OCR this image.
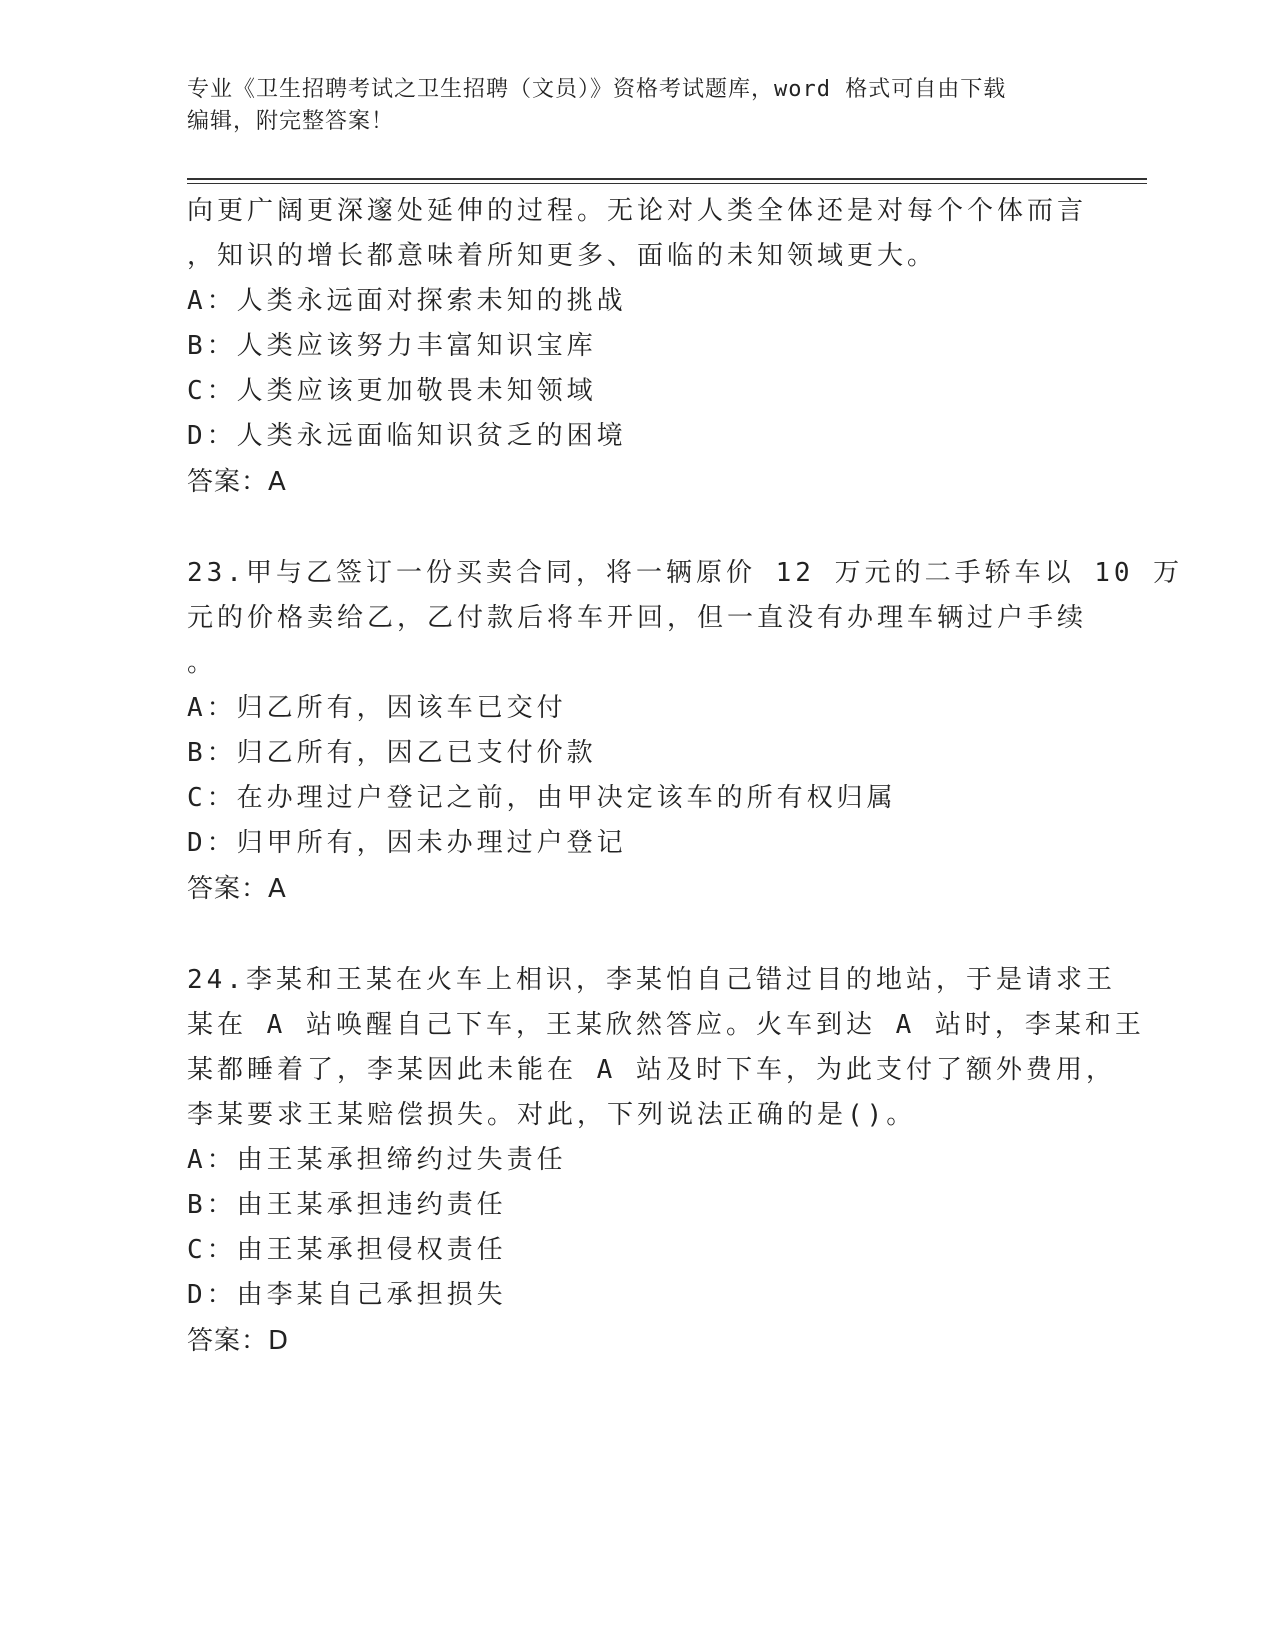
专业《卫生招聘考试之卫生招聘（文员）》资格考试题库，word 格式可自由下载
编辑，附完整答案！
向更广阔更深邃处延伸的过程。无论对人类全体还是对每个个体而言
，知识的增长都意味着所知更多、面临的未知领域更大。
A：人类永远面对探索未知的挑战
B：人类应该努力丰富知识宝库
C：人类应该更加敬畏未知领域
D：人类永远面临知识贫乏的困境
答案：A
23.甲与乙签订一份买卖合同，将一辆原价 12 万元的二手轿车以 10 万
元的价格卖给乙，乙付款后将车开回，但一直没有办理车辆过户手续
。
A：归乙所有，因该车已交付
B：归乙所有，因乙已支付价款
C：在办理过户登记之前，由甲决定该车的所有权归属
D：归甲所有，因未办理过户登记
答案：A
24.李某和王某在火车上相识，李某怕自己错过目的地站，于是请求王
某在 A 站唤醒自己下车，王某欣然答应。火车到达 A 站时，李某和王
某都睡着了，李某因此未能在 A 站及时下车，为此支付了额外费用，
李某要求王某赔偿损失。对此，下列说法正确的是()。
A：由王某承担缔约过失责任
B：由王某承担违约责任
C：由王某承担侵权责任
D：由李某自己承担损失
答案：D
